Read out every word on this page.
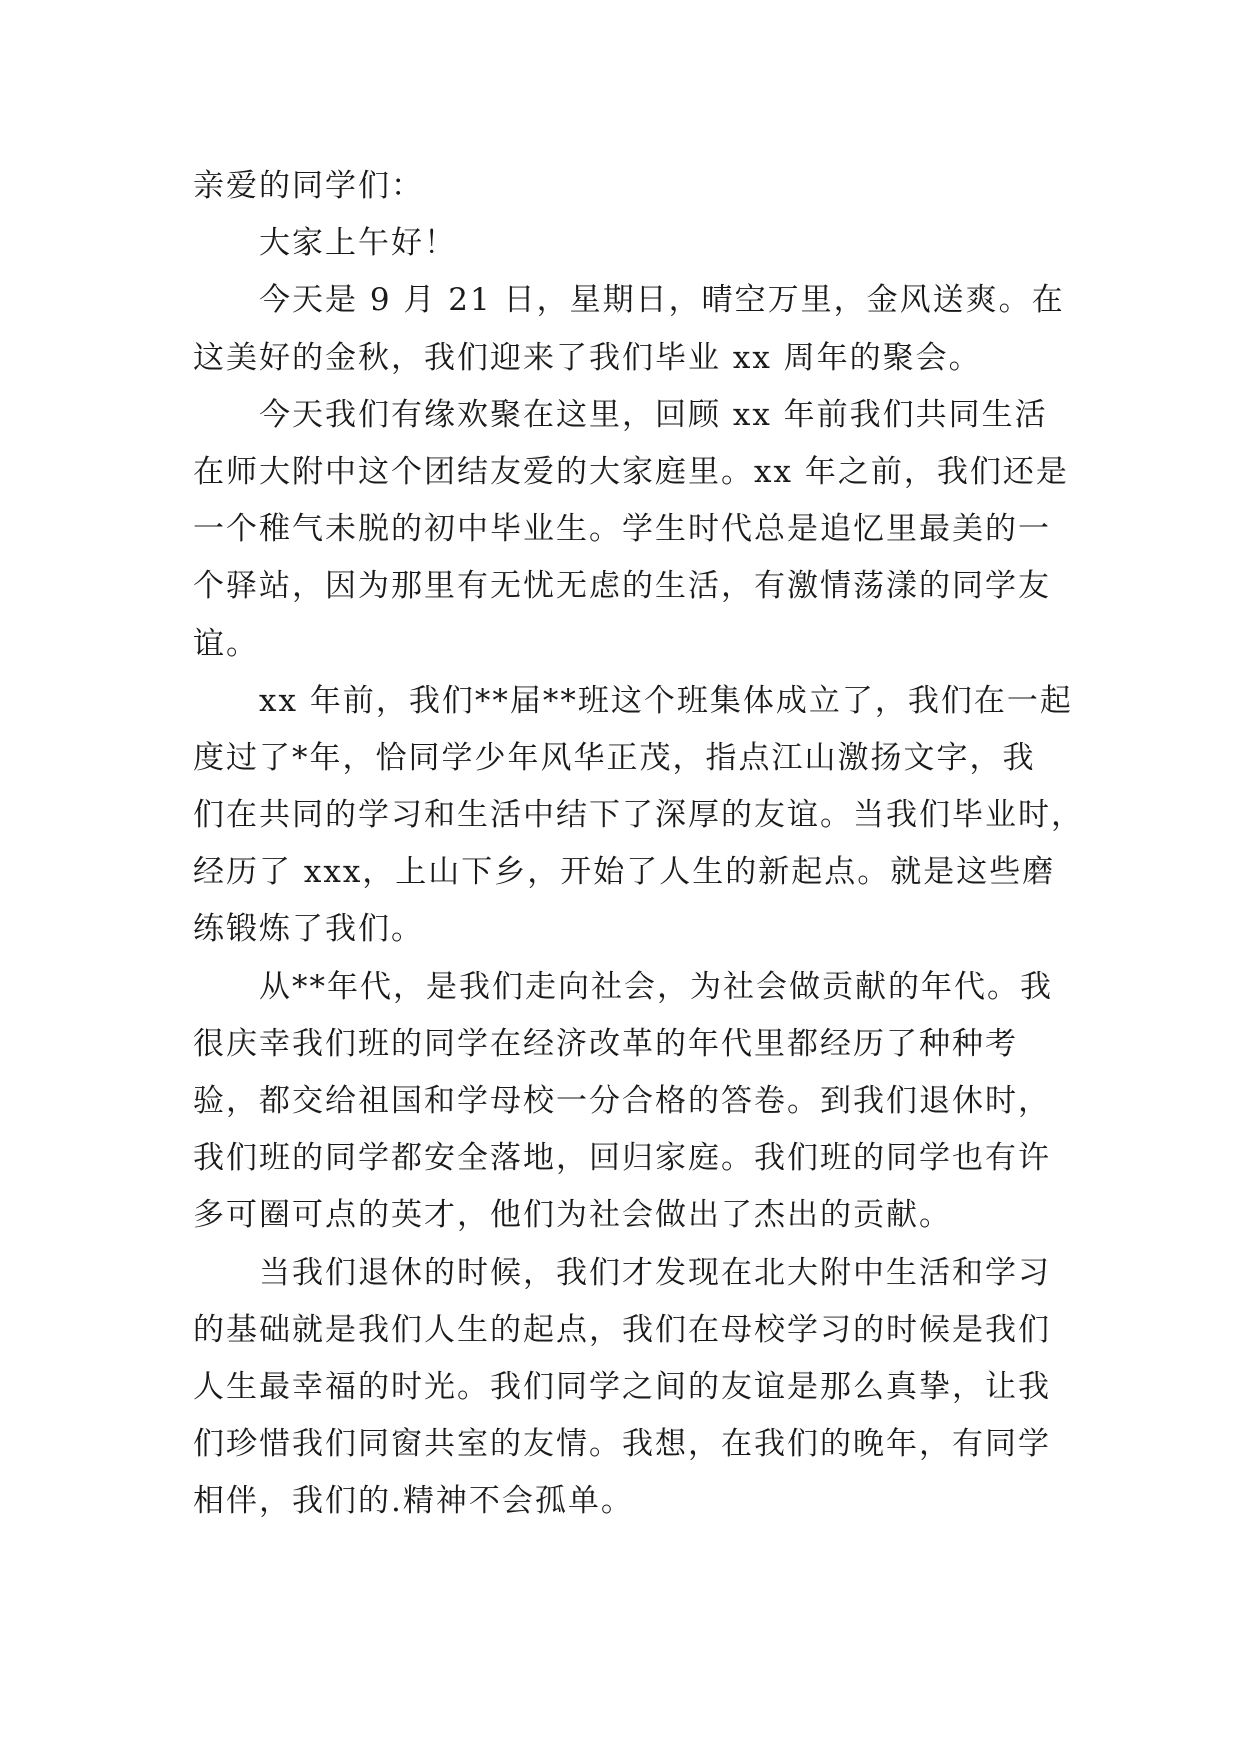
亲爱的同学们：
大家上午好！
今天是 9 月 21 日，星期日，晴空万里，金风送爽。在
这美好的金秋，我们迎来了我们毕业 xx 周年的聚会。
今天我们有缘欢聚在这里，回顾 xx 年前我们共同生活
在师大附中这个团结友爱的大家庭里。xx 年之前，我们还是
一个稚气未脱的初中毕业生。学生时代总是追忆里最美的一
个驿站，因为那里有无忧无虑的生活，有激情荡漾的同学友
谊。
xx 年前，我们**届**班这个班集体成立了，我们在一起
度过了*年，恰同学少年风华正茂，指点江山激扬文字，我
们在共同的学习和生活中结下了深厚的友谊。当我们毕业时，
经历了 xxx，上山下乡，开始了人生的新起点。就是这些磨
练锻炼了我们。
从**年代，是我们走向社会，为社会做贡献的年代。我
很庆幸我们班的同学在经济改革的年代里都经历了种种考
验，都交给祖国和学母校一分合格的答卷。到我们退休时，
我们班的同学都安全落地，回归家庭。我们班的同学也有许
多可圈可点的英才，他们为社会做出了杰出的贡献。
当我们退休的时候，我们才发现在北大附中生活和学习
的基础就是我们人生的起点，我们在母校学习的时候是我们
人生最幸福的时光。我们同学之间的友谊是那么真挚，让我
们珍惜我们同窗共室的友情。我想，在我们的晚年，有同学
相伴，我们的.精神不会孤单。
